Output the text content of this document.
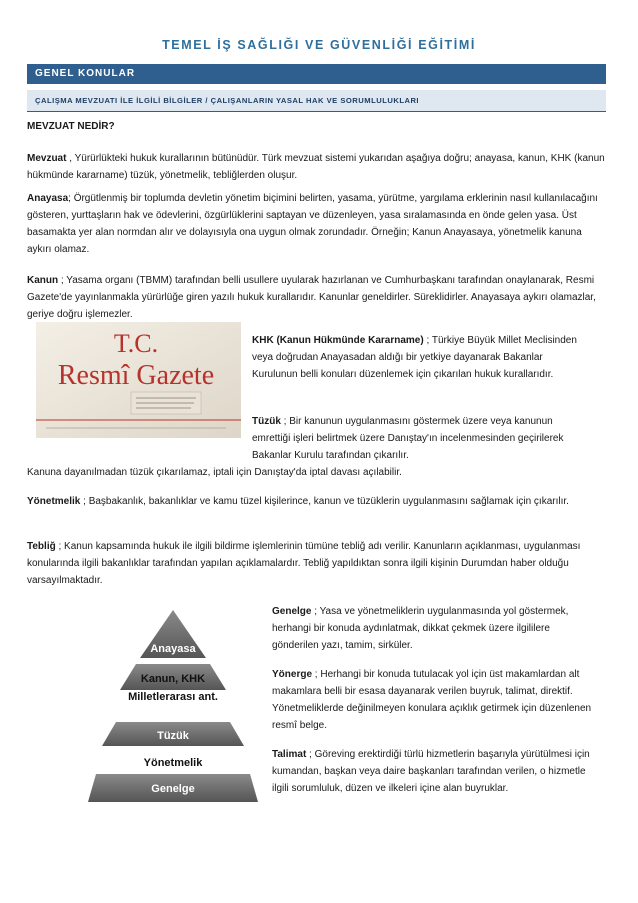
TEMEL İŞ SAĞLIĞI VE GÜVENLİĞİ EĞİTİMİ
GENEL KONULAR
ÇALIŞMA MEVZUATI İLE İLGİLİ BİLGİLER / ÇALIŞANLARIN YASAL HAK VE SORUMLULUKLARI

MEVZUAT NEDİR?

Mevzuat , Yürürlükteki hukuk kurallarının bütünüdür. Türk mevzuat sistemi yukarıdan aşağıya doğru; anayasa, kanun, KHK (kanun hükmünde kararname) tüzük, yönetmelik, tebliğlerden oluşur.

Anayasa; Örgütlenmiş bir toplumda devletin yönetim biçimini belirten, yasama, yürütme, yargılama erklerinin nasıl kullanılacağını gösteren, yurttaşların hak ve ödevlerini, özgürlüklerini saptayan ve düzenleyen, yasa sıralamasında en önde gelen yasa. Üst basamakta yer alan normdan alır ve dolayısıyla ona uygun olmak zorundadır. Örneğin; Kanun Anayasaya, yönetmelik kanuna aykırı olamaz.

Kanun ; Yasama organı (TBMM) tarafından belli usullere uyularak hazırlanan ve Cumhurbaşkanı tarafından onaylanarak, Resmi Gazete'de yayınlanmakla yürürlüğe giren yazılı hukuk kurallarıdır. Kanunlar geneldirler. Süreklidirler. Anayasaya aykırı olamazlar, geriye doğru işlemezler.

T.C.
Resmî Gazete

KHK (Kanun Hükmünde Kararname) ; Türkiye Büyük Millet Meclisinden veya doğrudan Anayasadan aldığı bir yetkiye dayanarak Bakanlar Kurulunun belli konuları düzenlemek için çıkarılan hukuk kurallarıdır.

Tüzük ; Bir kanunun uygulanmasını göstermek üzere veya kanunun emrettiği işleri belirtmek üzere Danıştay'ın incelenmesinden geçirilerek Bakanlar Kurulu tarafından çıkarılır.

Kanuna dayanılmadan tüzük çıkarılamaz, iptali için Danıştay'da iptal davası açılabilir.

Yönetmelik ; Başbakanlık, bakanlıklar ve kamu tüzel kişilerince, kanun ve tüzüklerin uygulanmasını sağlamak için çıkarılır.

Tebliğ ; Kanun kapsamında hukuk ile ilgili bildirme işlemlerinin tümüne tebliğ adı verilir. Kanunların açıklanması, uygulanması konularında ilgili bakanlıklar tarafından yapılan açıklamalardır. Tebliğ yapıldıktan sonra ilgili kişinin Durumdan haber olduğu varsayılmaktadır.

Anayasa
Kanun, KHK
Milletlerarası ant.
Tüzük
Yönetmelik
Genelge

Genelge ; Yasa ve yönetmeliklerin uygulanmasında yol göstermek, herhangi bir konuda aydınlatmak, dikkat çekmek üzere ilgililere gönderilen yazı, tamim, sirküler.

Yönerge ; Herhangi bir konuda tutulacak yol için üst makamlardan alt makamlara belli bir esasa dayanarak verilen buyruk, talimat, direktif. Yönetmeliklerde değinilmeyen konulara açıklık getirmek için düzenlenen resmî belge.

Talimat ; Göreving erektirdiği türlü hizmetlerin başarıyla yürütülmesi için kumandan, başkan veya daire başkanları tarafından verilen, o hizmetle ilgili sorumluluk, düzen ve ilkeleri içine alan buyruklar.
